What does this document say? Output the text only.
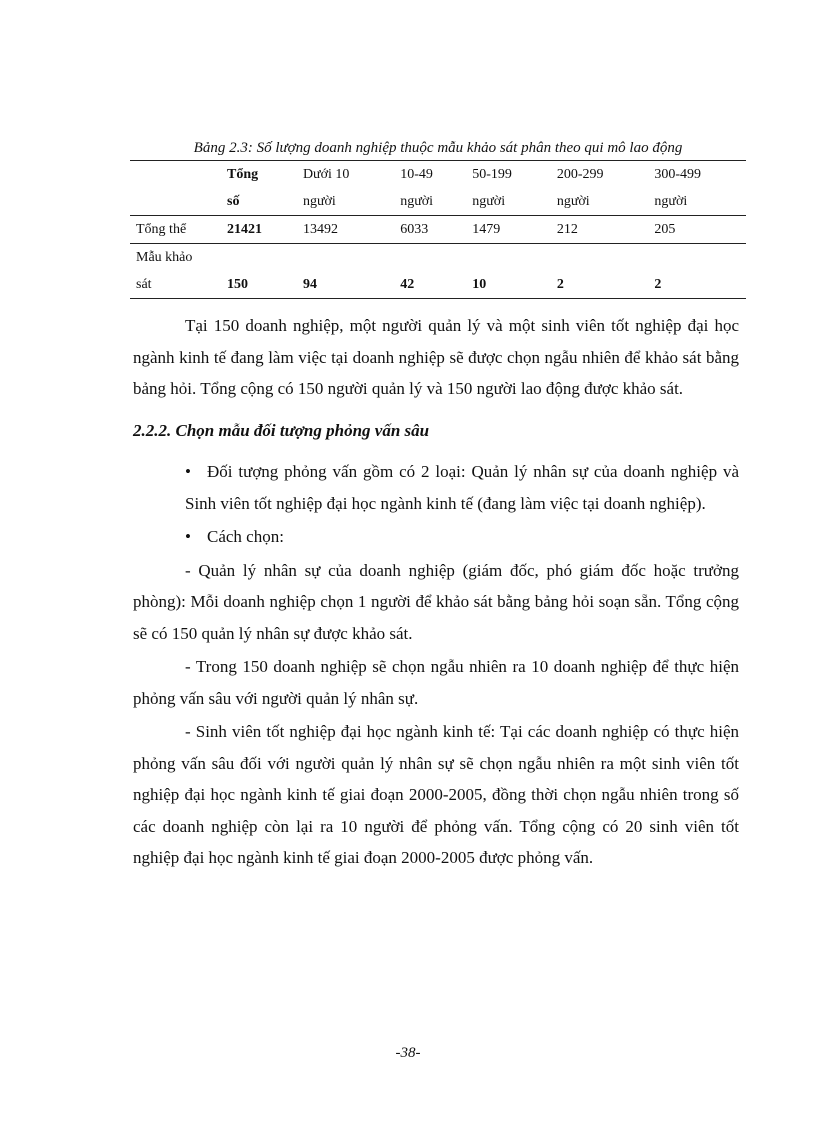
Bảng 2.3: Số lượng doanh nghiệp thuộc mẫu khảo sát phân theo qui mô lao động
	Tổng	Dưới 10	10-49	50-199	200-299	300-499
	số	người	người	người	người	người
Tổng thể	21421	13492	6033	1479	212	205
Mẫu khảo						
sát	150	94	42	10	2	2

Tại 150 doanh nghiệp, một người quản lý và một sinh viên tốt nghiệp đại học ngành kinh tế đang làm việc tại doanh nghiệp sẽ được chọn ngẫu nhiên để khảo sát bằng bảng hỏi. Tổng cộng có 150 người quản lý và 150 người lao động được khảo sát.

2.2.2. Chọn mẫu đối tượng phỏng vấn sâu

• Đối tượng phỏng vấn gồm có 2 loại: Quản lý nhân sự của doanh nghiệp và Sinh viên tốt nghiệp đại học ngành kinh tế (đang làm việc tại doanh nghiệp).

• Cách chọn:

- Quản lý nhân sự của doanh nghiệp (giám đốc, phó giám đốc hoặc trưởng phòng): Mỗi doanh nghiệp chọn 1 người để khảo sát bằng bảng hỏi soạn sẵn. Tổng cộng sẽ có 150 quản lý nhân sự được khảo sát.

- Trong 150 doanh nghiệp sẽ chọn ngẫu nhiên ra 10 doanh nghiệp để thực hiện phỏng vấn sâu với người quản lý nhân sự.

- Sinh viên tốt nghiệp đại học ngành kinh tế: Tại các doanh nghiệp có thực hiện phỏng vấn sâu đối với người quản lý nhân sự sẽ chọn ngẫu nhiên ra một sinh viên tốt nghiệp đại học ngành kinh tế giai đoạn 2000-2005, đồng thời chọn ngẫu nhiên trong số các doanh nghiệp còn lại ra 10 người để phỏng vấn. Tổng cộng có 20 sinh viên tốt nghiệp đại học ngành kinh tế giai đoạn 2000-2005 được phỏng vấn.

-38-
